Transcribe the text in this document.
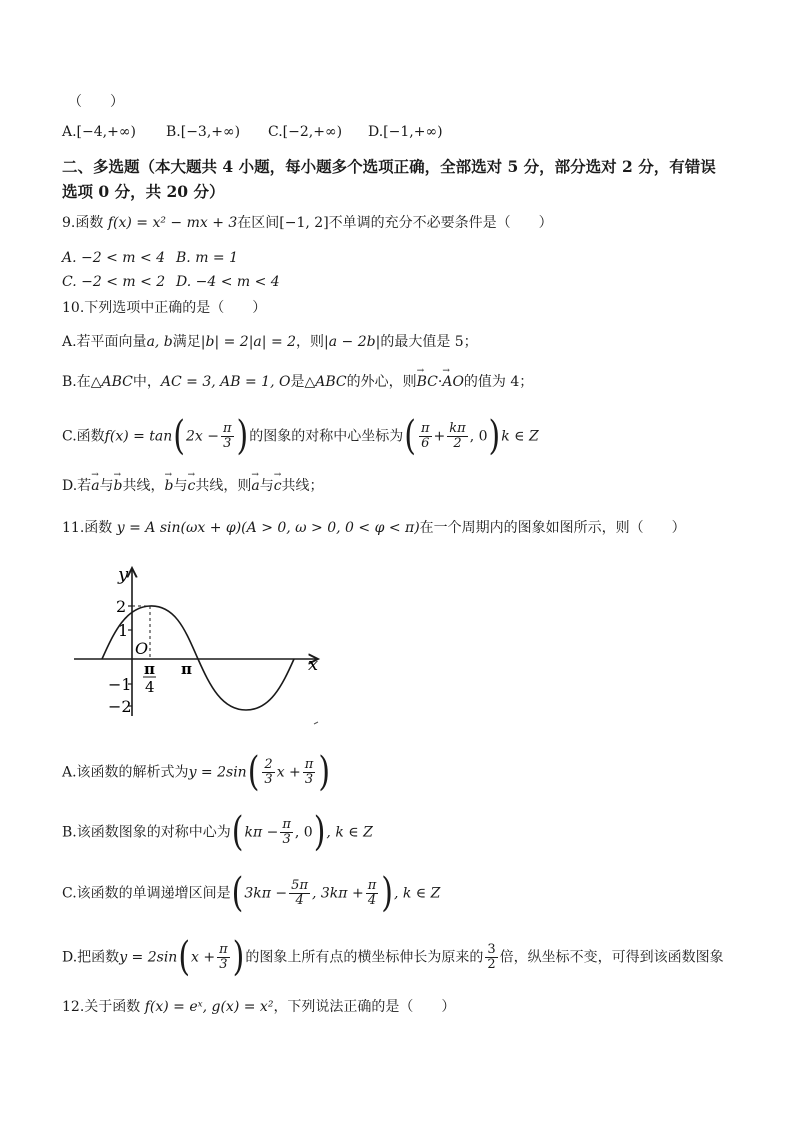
（　　）
A.[−4,+∞) B.[−3,+∞) C.[−2,+∞) D.[−1,+∞)
二、多选题（本大题共 4 小题，每小题多个选项正确，全部选对 5 分，部分选对 2 分，有错误
选项 0 分，共 20 分）
9.函数 f(x) = x² − mx + 3在区间[−1, 2]不单调的充分不必要条件是（　　）
A. −2 < m < 4 B. m = 1
C. −2 < m < 2 D. −4 < m < 4
10.下列选项中正确的是（　　）
A.若平面向量a, b满足|b| = 2|a| = 2，则|a − 2b|的最大值是 5；
B.在△ABC中，AC = 3, AB = 1, O是△ABC的外心，则→ BC·→ AO的值为 4；
C.函数$f(x) = \tan(2x - \frac{\pi}{3}$ )的图象的对称中心坐标为( $\frac{\pi}{6} + \frac{k\pi}{2}$ , 0)k ∈ Z
D.若→ a与→ b共线，→ b与→ c共线，则→ a与→ c共线；
11.函数 y = A sin(ωx + φ)(A > 0, ω > 0, 0 < φ < π)在一个周期内的图象如图所示，则（　　）
y
x
O
2
1
−1
−2
π
4
π
A.该函数的解析式为$y = 2\sin( \frac{2}{3}$ $x + \frac{\pi}{3}$ )
B.该函数图象的对称中心为($k\pi - \frac{\pi}{3}$ , 0), k ∈ Z
C.该函数的单调递增区间是($3k\pi - \frac{5\pi}{4}$ , $3k\pi + \frac{\pi}{4}$ ), k ∈ Z
D.把函数$y = 2\sin(x + \frac{\pi}{3}$ )的图象上所有点的横坐标伸长为原来的 $\frac{3}{2}$ 倍，纵坐标不变，可得到该函数图象
12.关于函数 f(x) = eˣ, g(x) = x²，下列说法正确的是（　　）
